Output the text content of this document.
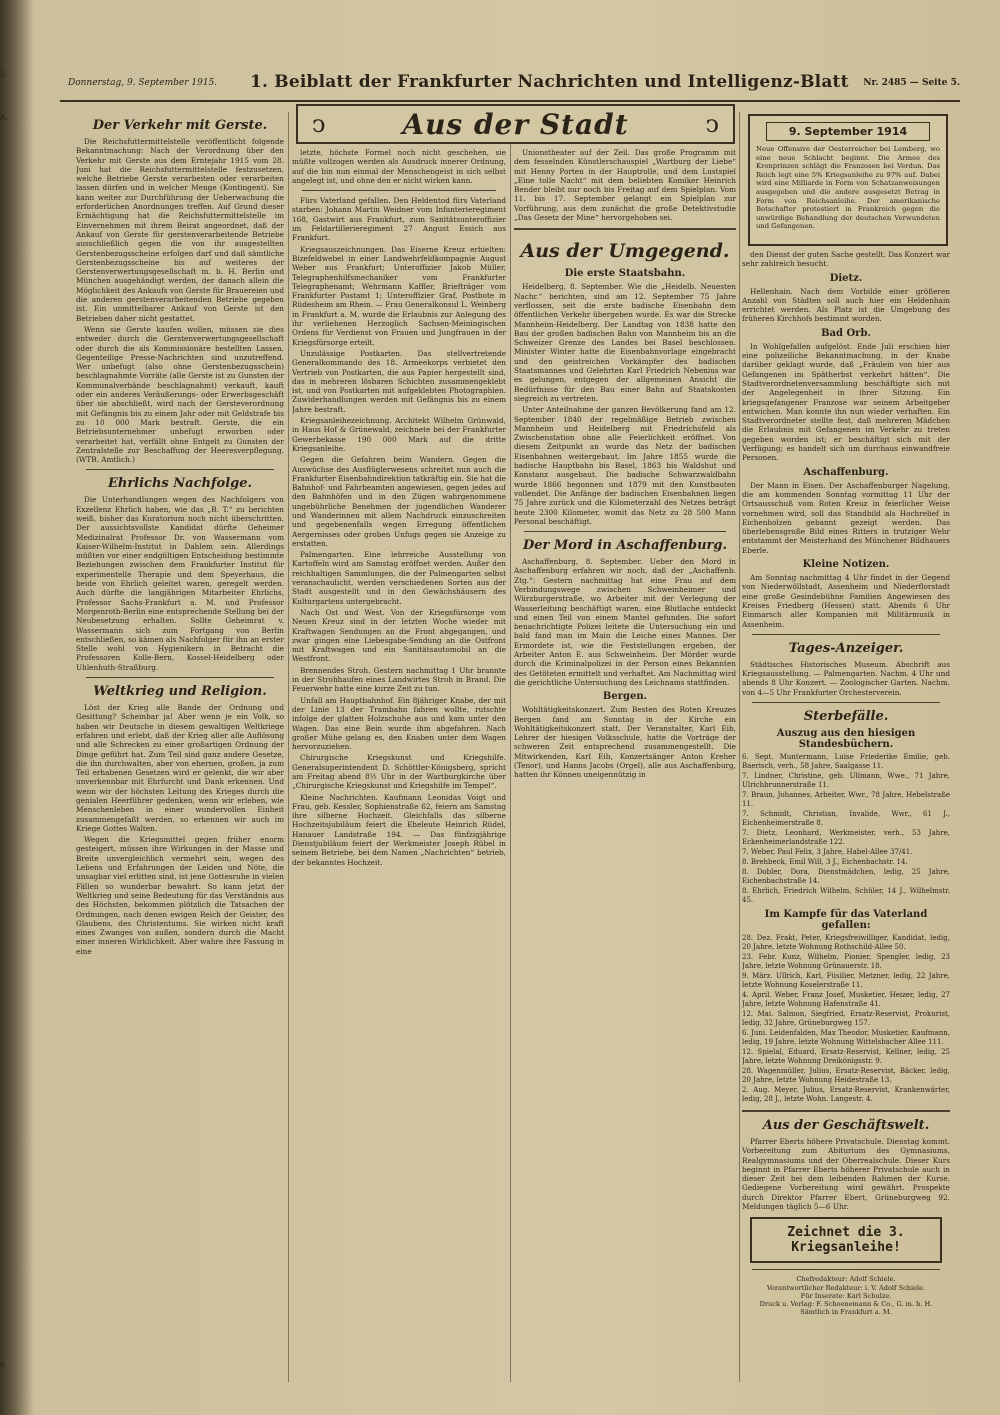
5.
A.
n
Donnerstag, 9. September 1915. 1. Beiblatt der Frankfurter Nachrichten und Intelligenz-Blatt Nr. 2485 — Seite 5.
Der Verkehr mit Gerste.

Die Reichsfuttermittelstelle veröffentlicht folgende Bekanntmachung: Nach der Verordnung über den Verkehr mit Gerste aus dem Erntejahr 1915 vom 28. Juni hat die Reichsfuttermittelstelle festzusetzen, welche Betriebe Gerste verarbeiten oder verarbeiten lassen dürfen und in welcher Menge (Kontingent). Sie kann weiter zur Durchführung der Ueberwachung die erforderlichen Anordnungen treffen. Auf Grund dieser Ermächtigung hat die Reichsfuttermittelstelle im Einvernehmen mit ihrem Beirat angeordnet, daß der Ankauf von Gerste für gerstenverarbeitende Betriebe ausschließlich gegen die von ihr ausgestellten Gerstenbezugsscheine erfolgen darf und daß sämtliche Gerstenbezugsscheine bis auf weiteres der Gerstenverwertungsgesellschaft m. b. H. Berlin und München ausgehändigt werden, der danach allein die Möglichkeit des Ankaufs von Gerste für Brauereien und die anderen gerstenverarbeitenden Betriebe gegeben ist. Ein unmittelbarer Ankauf von Gerste ist den Betrieben daher nicht gestattet.

Wenn sie Gerste kaufen wollen, müssen sie dies entweder durch die Gerstenverwertungsgesellschaft oder durch die als Kommissionäre bestellten Lassen. Gegenteilige Presse-Nachrichten sind unzutreffend. Wer unbefugt (also ohne Gerstenbezugsschein) beschlagnahmte Vorräte (alle Gerste ist zu Gunsten der Kommunalverbände beschlagnahmt) verkauft, kauft oder ein anderes Veräußerungs- oder Erwerbsgeschäft über sie abschließt, wird nach der Gersteverordnung mit Gefängnis bis zu einem Jahr oder mit Geldstrafe bis zu 10 000 Mark bestraft. Gerste, die ein Betriebsunternehmer unbefugt erworben oder verarbeitet hat, verfällt ohne Entgelt zu Gunsten der Zentralstelle zur Beschaffung der Heeresverpflegung. (WTB. Amtlich.)

Ehrlichs Nachfolge.

Die Unterhandlungen wegen des Nachfolgers von Exzellenz Ehrlich haben, wie das „B. T.“ zu berichten weiß, bisher das Kuratorium noch nicht überschritten. Der aussichtsvollste Kandidat dürfte Geheimer Medizinalrat Professor Dr. von Wassermann vom Kaiser-Wilhelm-Institut in Dahlem sein. Allerdings müßten vor einer endgültigen Entscheidung bestimmte Beziehungen zwischen dem Frankfurter Institut für experimentelle Therapie und dem Speyerhaus, die beide von Ehrlich geleitet waren, geregelt werden. Auch dürfte die langjährigen Mitarbeiter Ehrlichs, Professor Sachs-Frankfurt a. M. und Professor Morgenroth-Berlin eine entsprechende Stellung bei der Neubesetzung erhalten. Sollte Geheimrat v. Wassermann sich zum Fortgang von Berlin entschließen, so kämen als Nachfolger für ihn an erster Stelle wohl von Hygienikern in Betracht die Professoren Kolle-Bern, Kossel-Heidelberg oder Uhlenhuth-Straßburg.

Weltkrieg und Religion.

Löst der Krieg alle Bande der Ordnung und Gesittung? Scheinbar ja! Aber wenn je ein Volk, so haben wir Deutsche in diesem gewaltigen Weltkriege erfahren und erlebt, daß der Krieg aller alle Auflösung und alle Schrecken zu einer großartigen Ordnung der Dinge geführt hat. Zum Teil sind ganz andere Gesetze, die ihn durchwalten, aber von ehernen, großen, ja zum Teil erhabenen Gesetzen wird er gelenkt, die wir aber unverkennbar mit Ehrfurcht und Dank erkennen. Und wenn wir der höchsten Leitung des Krieges durch die genialen Heerführer gedenken, wenn wir erleben, wie Menschenleben in einer wundervollen Einheit zusammengefaßt werden, so erkennen wir auch im Kriege Gottes Walten.

Wegen die Kriegsmittel gegen früher enorm gesteigert, müssen ihre Wirkungen in der Masse und Breite unvergleichlich vermehrt sein, wegen des Lebens und Erfahrungen der Leiden und Nöte, die unsagbar viel erlitten sind, ist jene Gottesruhe in vielen Fällen so wunderbar bewahrt. So kann jetzt der Weltkrieg und seine Bedeutung für das Verständnis aus des Höchsten, bekommen plötzlich die Tatsachen der Ordnungen, nach denen ewigen Reich der Geister, des Glaubens, des Christentums. Sie wirken nicht kraft eines Zwanges von außen, sondern durch die Macht einer inneren Wirklichkeit. Aber wahre ihre Fassung in eine

ↄ	Aus der Stadt	ↄ

letzte, höchste Formel noch nicht geschehen, sie müßte vollzogen werden als Ausdruck innerer Ordnung, auf die bin nun einmal der Menschengeist in sich selbst angelegt ist, und ohne den er nicht wirken kann.

Fürs Vaterland gefallen. Den Heldentod fürs Vaterland starben: Johann Martin Weidner vom Infanterieregiment 168, Gastwirt aus Frankfurt, zum Sanitätsunteroffizier im Feldartillerieregiment 27 Angust Essich aus Frankfurt.

Kriegsauszeichnungen. Das Eiserne Kreuz erhielten: Bizefeldwebel in einer Landwehrfeldkompagnie August Weber aus Frankfurt; Unteroffizier Jakob Müller, Telegraphenhilfsmechaniker vom Frankfurter Telegraphenamt; Wehrmann Kaffler, Briefträger vom Frankfurter Postamt 1; Unteroffizier Graf, Postbote in Rüdesheim am Rhein. — Frau Generalkonsul L. Weinberg in Frankfurt a. M. wurde die Erlaubnis zur Anlegung des ihr verliehenen Herzoglich Sachsen-Meiningischen Ordens für Verdienst von Frauen und Jungfrauen in der Kriegsfürsorge erteilt.

Unzulässige Postkarten. Das stellvertretende Generalkommando des 18. Armeekorps verbietet den Vertrieb von Postkarten, die aus Papier hergestellt sind, das in mehreren lösbaren Schichten zusammengeklebt ist, und von Postkarten mit aufgeklebten Photographien. Zuwiderhandlungen werden mit Gefängnis bis zu einem Jahre bestraft.

Kriegsanleihezeichnung. Architekt Wilhelm Grünwald, in Haus Hof & Grünewald, zeichnete bei der Frankfurter Gewerbekasse 190 000 Mark auf die dritte Kriegsanleihe.

Gegen die Gefahren beim Wandern. Gegen die Auswüchse des Ausflüglerwesens schreitet nun auch die Frankfurter Eisenbahndirektion tatkräftig ein. Sie hat die Bahnhof- und Fahrbeamten angewiesen, gegen jedes auf den Bahnhöfen und in den Zügen wahrgenommene ungebührliche Benehmen der jugendlichen Wanderer und Wanderinnen mit allem Nachdruck einzuschreiten und gegebenenfalls wegen Erregung öffentlichen Aergernisses oder groben Unfugs gegen sie Anzeige zu erstatten.

Palmengarten. Eine lehrreiche Ausstellung von Kartoffeln wird am Samstag eröffnet werden. Außer den reichhaltigen Sammlungen, die der Palmengarten selbst veranschaulicht, werden verschiedenen Sorten aus der Stadt ausgestellt und in den Gewächshäusern des Kulturgartens untergebracht.

Nach Ost und West. Von der Kriegsfürsorge vom Neuen Kreuz sind in der letzten Woche wieder mit Kraftwagen Sendungen an die Front abgegangen, und zwar gingen eine Liebesgabe-Sendung an die Ostfront mit Kraftwagen und ein Sanitätsautomobil an die Westfront.

Brennendes Stroh. Gestern nachmittag 1 Uhr brannte in der Strohhaufen eines Landwirtes Stroh in Brand. Die Feuerwehr hatte eine kurze Zeit zu tun.

Unfall am Hauptbahnhof. Ein 8jähriger Knabe, der mit der Linie 13 der Trambahn fahren wollte, rutschte infolge der glatten Holzschuhe aus und kam unter den Wagen. Das eine Bein wurde ihm abgefahren. Nach großer Mühe gelang es, den Knaben unter dem Wagen hervorzuziehen.

Chirurgische Kriegskunst und Kriegshilfe. Generalsuperintendent D. Schöttler-Königsberg, spricht am Freitag abend 8½ Uhr in der Wartburgkirche über „Chirurgische Kriegskunst und Kriegshilfe im Tempel“.

Kleine Nachrichten. Kaufmann Leonidas Voigt und Frau, geb. Kessler, Sophienstraße 62, feiern am Samstag ihre silberne Hochzeit. Gleichfalls das silberne Hochzeitsjubiläum feiert die Eheleute Heinrich Rüdel, Hanauer Landstraße 194. — Das fünfzigjährige Dienstjubiläum feiert der Werkmeister Joseph Rübel in seinem Betriebe, bei dem Namen „Nachrichten“ betrieb, der bekanntes Hochzeit.

Unionstheater auf der Zeil. Das große Programm mit dem fesselnden Künstlerschauspiel „Wartburg der Liebe“ mit Henny Porten in der Hauptrolle, und dem Lustspiel „Eine tolle Nacht“ mit dem beliebten Komiker Heinrich Bender bleibt nur noch bis Freitag auf dem Spielplan. Vom 11. bis 17. September gelangt ein Spielplan zur Vorführung, aus dem zunächst die große Detektivstudie „Das Gesetz der Mine“ hervorgehoben sei.

Aus der Umgegend.
Die erste Staatsbahn.

Heidelberg, 8. September. Wie die „Heidelb. Neuesten Nachr.“ berichten, sind am 12. September 75 Jahre verflossen, seit die erste badische Eisenbahn dem öffentlichen Verkehr übergeben wurde. Es war die Strecke Mannheim-Heidelberg. Der Landtag von 1838 hatte den Bau der großen badischen Bahn von Mannheim bis an die Schweizer Grenze des Landes bei Basel beschlossen. Minister Winter hatte die Eisenbahnvorlage eingebracht und den geistreichen Vorkämpfer des badischen Staatsmannes und Gelehrten Karl Friedrich Nebenius war es gelungen, entgegen der allgemeinen Ansicht die Bedürfnisse für den Bau einer Bahn auf Staatskosten siegreich zu vertreten.

Unter Anteilnahme der ganzen Bevölkerung fand am 12. September 1840 der regelmäßige Betrieb zwischen Mannheim und Heidelberg mit Friedrichsfeld als Zwischenstation ohne alle Feierlichkeit eröffnet. Von diesem Zeitpunkt an wurde das Netz der badischen Eisenbahnen weitergebaut. Im Jahre 1855 wurde die badische Hauptbahn bis Basel, 1863 bis Waldshut und Konstanz ausgebaut. Die badische Schwarzwaldbahn wurde 1866 begonnen und 1879 mit den Kunstbauten vollendet. Die Anfänge der badischen Eisenbahnen liegen 75 Jahre zurück und die Kilometerzahl des Netzes beträgt heute 2300 Kilometer, womit das Netz zu 28 500 Mann Personal beschäftigt.

Der Mord in Aschaffenburg.

Aschaffenburg, 8. September. Ueber den Mord in Aschaffenburg erfahren wir noch, daß der „Aschaffenb. Ztg.“: Gestern nachmittag hat eine Frau auf dem Verbindungswege zwischen Schweinheimer und Würzburgerstraße, wo Arbeiter mit der Verlegung der Wasserleitung beschäftigt waren, eine Blutlache entdeckt und einen Teil von einem Mantel gefunden. Die sofort benachrichtigte Polizei leitete die Untersuchung ein und bald fand man im Main die Leiche eines Mannes. Der Ermordete ist, wie die Feststellungen ergeben, der Arbeiter Anton E. aus Schweinheim. Der Mörder wurde durch die Kriminalpolizei in der Person eines Bekannten des Getöteten ermittelt und verhaftet. Am Nachmittag wird die gerichtliche Untersuchung des Leichnams stattfinden.

Bergen.

Wohltätigkeitskonzert. Zum Besten des Roten Kreuzes Bergen fand am Sonntag in der Kirche ein Wohltätigkeitskonzert statt. Der Veranstalter, Karl Eib, Lehrer der hiesigen Volksschule, hatte die Vorträge der schweren Zeit entsprechend zusammengestellt. Die Mitwirkenden, Karl Eib, Konzertsänger Anton Kreher (Tenor), und Hanns Jacobs (Orgel), alle aus Aschaffenburg, hatten ihr Können uneigennützig in

9. September 1914
Neue Offensive der Oesterreicher bei Lemberg, wo eine neue Schlacht beginnt. Die Armee des Kronprinzen schlägt die Franzosen bei Verdun. Das Reich legt eine 5% Kriegsanleihe zu 97% auf. Dabei wird eine Milliarde in Form von Schatzanweisungen ausgegeben und die andere ausgesetzt Betrag in Form von Reichsanleihe. Der amerikanische Botschafter protestiert in Frankreich gegen die unwürdige Behandlung der deutschen Verwundeten und Gefangenen.

den Dienst der guten Sache gestellt. Das Konzert war sehr zahlreich besucht.

Dietz.

Hellenhain. Nach dem Vorbilde einer größeren Anzahl von Städten soll auch hier ein Heldenhain errichtet werden. Als Platz ist die Umgebung des früheren Kirchhofs bestimmt worden.

Bad Orb.

In Wohlgefallen aufgelöst. Ende Juli erschien hier eine polizeiliche Bekanntmachung, in der Knabe darüber geklagt wurde, daß „Fräulein von hier aus Gefangenen im Spätherbst verkehrt hätten“. Die Stadtverordnetenversammlung beschäftigte sich mit der Angelegenheit in ihrer Sitzung. Ein kriegsgefangener Franzose war seinem Arbeitgeber entwichen. Man konnte ihn nun wieder verhaften. Ein Stadtverordneter stellte fest, daß mehreren Mädchen die Erlaubnis mit Gefangenen im Verkehr zu treten gegeben worden ist; er beschäftigt sich mit der Verfügung; es handelt sich um durchaus einwandfreie Personen.

Aschaffenburg.

Der Mann in Eisen. Der Aschaffenburger Nagelung, die am kommenden Sonntag vormittag 11 Uhr der Ortsausschuß vom Roten Kreuz in feierlicher Weise vornehmen wird, soll das Standbild als Hochrelief in Eichenholzen gebannt gezeigt werden. Das überlebensgroße Bild eines Ritters in trutziger Wehr entstammt der Meisterhand des Münchener Bildhauers Eberle.

Kleine Notizen.

Am Sonntag nachmittag 4 Uhr findet in der Gegend von Niederwöllstadt, Assenheim und Niederflorstadt eine große Gesindebühne Familien Angewiesen des Kreises Friedberg (Hessen) statt. Abends 6 Uhr Einmarsch aller Kompanien mit Militärmusik in Assenheim.

Tages-Anzeiger.

Städtisches Historisches Museum. Abschrift aus Kriegsausstellung. — Palmengarten. Nachm. 4 Uhr und abends 8 Uhr Konzert. — Zoologischer Garten. Nachm. von 4—5 Uhr Frankfurter Orchesterverein.

Sterbefälle.
Auszug aus den hiesigen Standesbüchern.
6. Sept. Muntermann, Luise Friederike Emilie, geb. Baerisch, verh., 58 Jahre, Saalgasse 11.
7. Lindner, Christine, geb. Ullmann, Wwe., 71 Jahre, Ulrichbrunnerstraße 11.
7. Braun, Johannes, Arbeiter, Wwr., 78 Jahre, Hebelstraße 11.
7. Schmidt, Christian, Invalide, Wwr., 61 J., Eichenheimerstraße 8.
7. Dietz, Leonhard, Werkmeister, verh., 53 Jahre, Eckenheimerlandstraße 122.
7. Weber, Paul Felix, 3 Jahre, Habel-Allee 37/41.
8. Brehbeck, Emil Will, 3 J., Eichenbachstr. 14.
8. Dobler, Dora, Dienstmädchen, ledig, 25 Jahre, Eichenbachstraße 14.
8. Ehrlich, Friedrich Wilhelm, Schüler, 14 J., Wilhelmstr. 45.
Im Kampfe für das Vaterland gefallen:
28. Dez. Frakt, Peter, Kriegsfreiwilliger, Kandidat, ledig, 20 Jahre, letzte Wohnung Rothschild-Allee 50.
23. Febr. Kunz, Wilhelm, Pionier, Spengler, ledig, 23 Jahre, letzte Wohnung Grünauerstr. 18.
9. März. Ullrich, Karl, Füsilier, Metzner, ledig, 22 Jahre, letzte Wohnung Koselerstraße 11.
4. April. Weber, Franz Josef, Musketier, Heizer, ledig, 27 Jahre, letzte Wohnung Hafenstraße 41.
12. Mai. Salmon, Siegfried, Ersatz-Reservist, Prokurist, ledig, 32 Jahre, Grüneburgweg 157.
6. Juni. Leidenfalden, Max Theodor, Musketier, Kaufmann, ledig, 19 Jahre, letzte Wohnung Wittelsbacher Allee 111.
12. Spielal, Eduard, Ersatz-Reservist, Kellner, ledig, 25 Jahre, letzte Wohnung Dreikönigsstr. 9.
28. Wagenmüller, Julius, Ersatz-Reservist, Bäcker, ledig, 20 Jahre, letzte Wohnung Heidestraße 13.
2. Aug. Meyer, Julius, Ersatz-Reservist, Krankenwärter, ledig, 28 J., letzte Wohn. Langestr. 4.
Aus der Geschäftswelt.

Pfarrer Eberts höhere Privatschule. Dienstag kommt. Vorbereitung zum Abiturium des Gymnasiums, Realgymnasiums und der Oberrealschule. Dieser Kurs beginnt in Pfarrer Eberts höherer Privatschule auch in dieser Zeit bei dem leibenden Rahmen der Kurse. Gediegene Vorbereitung wird gewährt. Prospekte durch Direktor Pfarrer Ebert, Grüneburgweg 92. Meldungen täglich 5—6 Uhr.

Zeichnet die 3. Kriegsanleihe!
Chefredakteur: Adolf Schiele.
Verantwortlicher Redakteur: i. V. Adolf Schiele.
Für Inserate: Karl Schulze.
Druck u. Verlag: F. Schoenemann & Co., G. m. b. H.
Sämtlich in Frankfurt a. M.
